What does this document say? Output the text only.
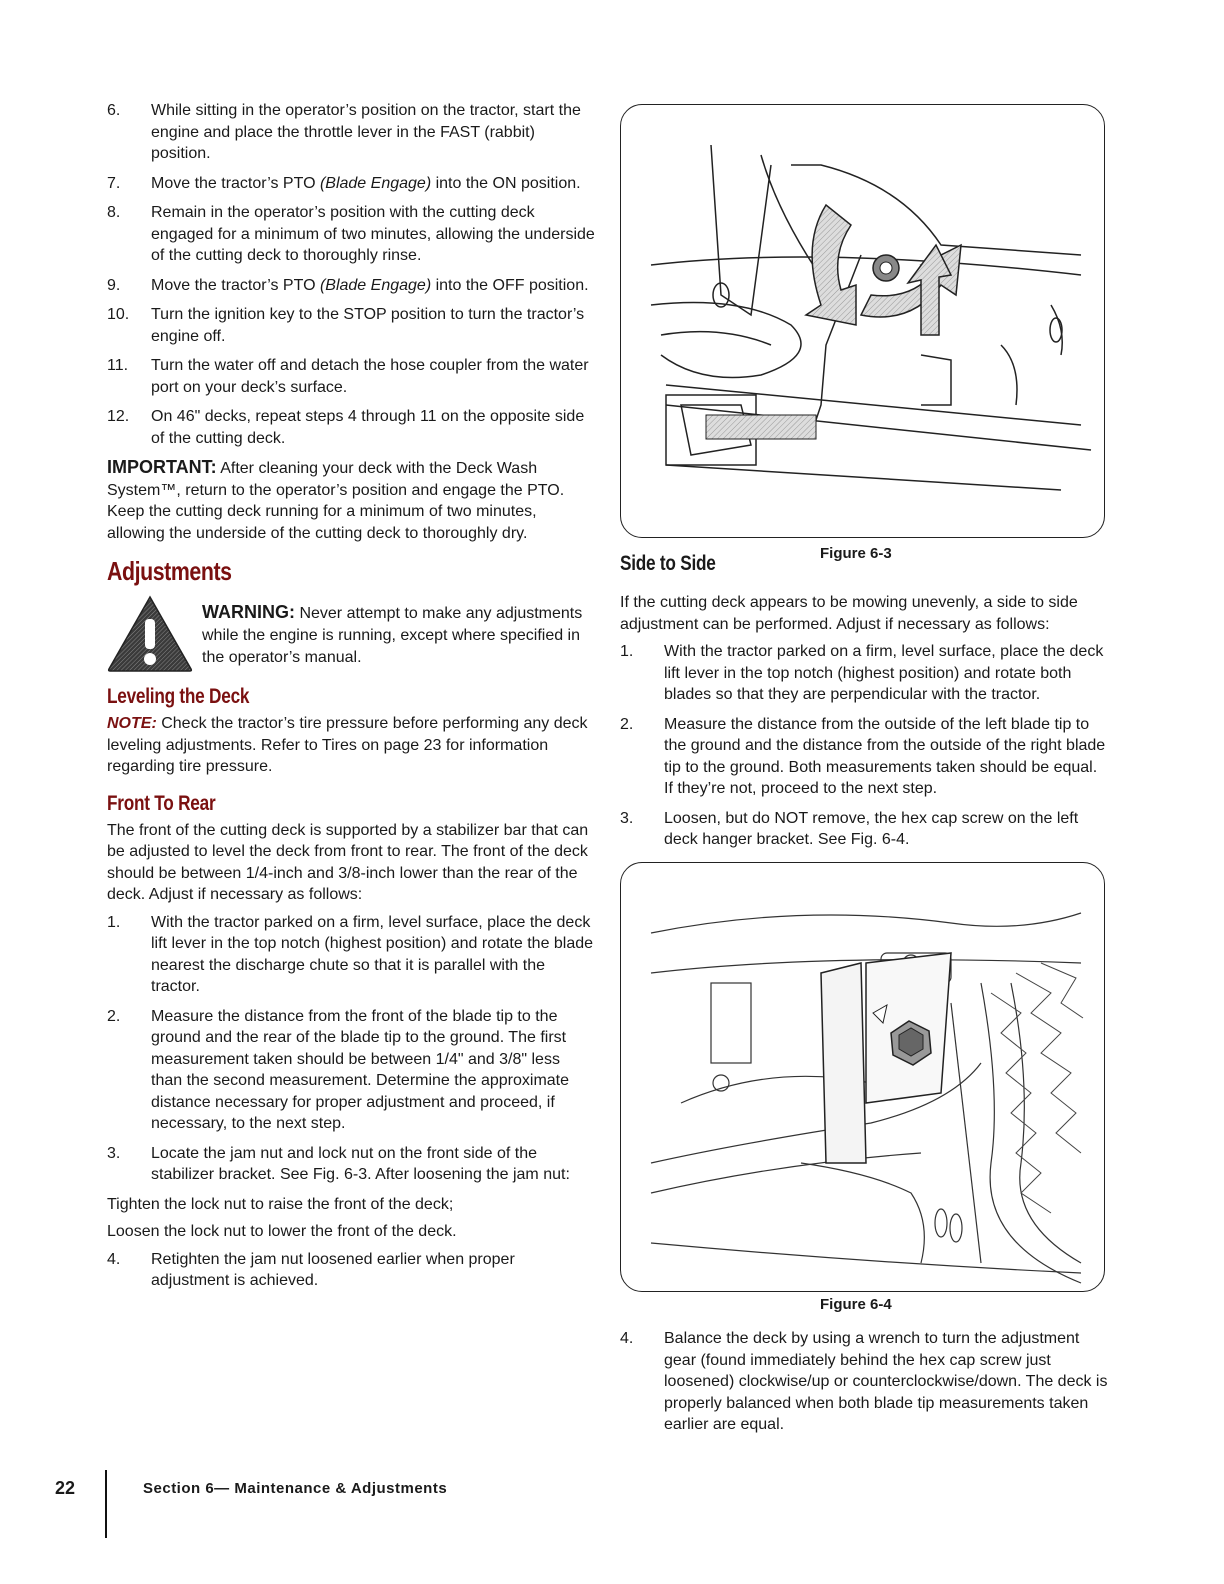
6. While sitting in the operator’s position on the tractor, start the engine and place the throttle lever in the FAST (rabbit) position.
7. Move the tractor’s PTO (Blade Engage) into the ON position.
8. Remain in the operator’s position with the cutting deck engaged for a minimum of two minutes, allowing the underside of the cutting deck to thoroughly rinse.
9. Move the tractor’s PTO (Blade Engage) into the OFF position.
10. Turn the ignition key to the STOP position to turn the tractor’s engine off.
11. Turn the water off and detach the hose coupler from the water port on your deck’s surface.
12. On 46" decks, repeat steps 4 through 11 on the opposite side of the cutting deck.

IMPORTANT: After cleaning your deck with the Deck Wash System™, return to the operator’s position and engage the PTO. Keep the cutting deck running for a minimum of two minutes, allowing the underside of the cutting deck to thoroughly dry.

Adjustments
WARNING: Never attempt to make any adjustments while the engine is running, except where specified in the operator’s manual.
Leveling the Deck

NOTE: Check the tractor’s tire pressure before performing any deck leveling adjustments. Refer to Tires on page 23 for information regarding tire pressure.

Front To Rear

The front of the cutting deck is supported by a stabilizer bar that can be adjusted to level the deck from front to rear. The front of the deck should be between 1/4-inch and 3/8-inch lower than the rear of the deck. Adjust if necessary as follows:

1. With the tractor parked on a firm, level surface, place the deck lift lever in the top notch (highest position) and rotate the blade nearest the discharge chute so that it is parallel with the tractor.
2. Measure the distance from the front of the blade tip to the ground and the rear of the blade tip to the ground. The first measurement taken should be between 1/4" and 3/8" less than the second measurement. Determine the approximate distance necessary for proper adjustment and proceed, if necessary, to the next step.
3. Locate the jam nut and lock nut on the front side of the stabilizer bracket. See Fig. 6-3. After loosening the jam nut:

Tighten the lock nut to raise the front of the deck;

Loosen the lock nut to lower the front of the deck.

4. Retighten the jam nut loosened earlier when proper adjustment is achieved.
Figure 6-3
Side to Side

If the cutting deck appears to be mowing unevenly, a side to side adjustment can be performed. Adjust if necessary as follows:

1. With the tractor parked on a firm, level surface, place the deck lift lever in the top notch (highest position) and rotate both blades so that they are perpendicular with the tractor.
2. Measure the distance from the outside of the left blade tip to the ground and the distance from the outside of the right blade tip to the ground. Both measurements taken should be equal. If they’re not, proceed to the next step.
3. Loosen, but do NOT remove, the hex cap screw on the left deck hanger bracket. See Fig. 6-4.
Figure 6-4
4. Balance the deck by using a wrench to turn the adjustment gear (found immediately behind the hex cap screw just loosened) clockwise/up or counterclockwise/down. The deck is properly balanced when both blade tip measurements taken earlier are equal.
22	Section 6— Maintenance & Adjustments
